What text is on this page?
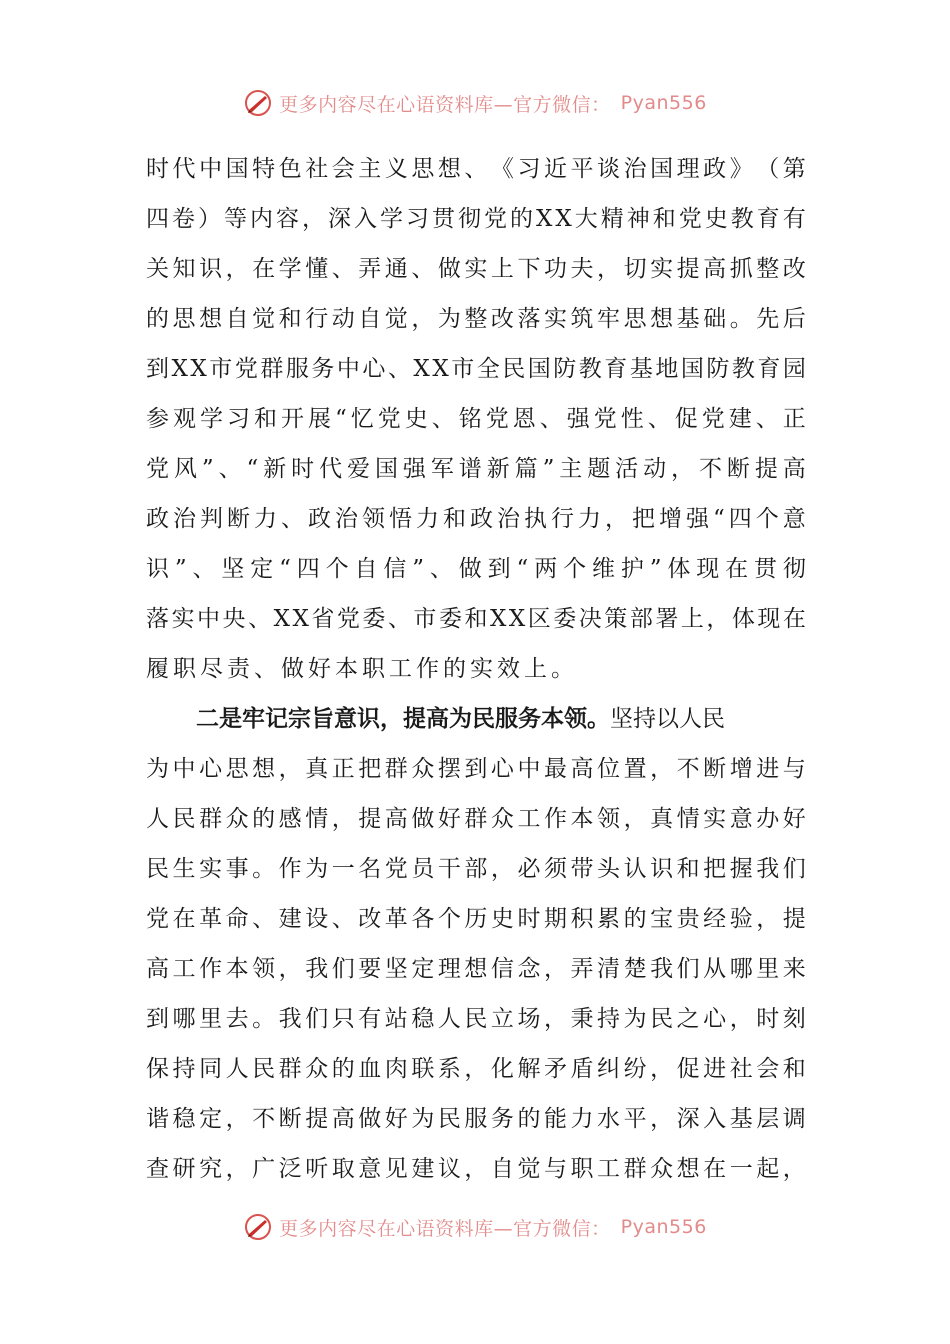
更多内容尽在心语资料库—官方微信： Pyan556
时 代 中 国 特 色 社 会 主 义 思 想 、 《 习 近 平 谈 治 国 理 政 》 （ 第
四 卷 ） 等 内 容 ， 深 入 学 习 贯 彻 党 的 X X 大 精 神 和 党 史 教 育 有
关 知 识 ， 在 学 懂 、 弄 通 、 做 实 上 下 功 夫 ， 切 实 提 高 抓 整 改
的 思 想 自 觉 和 行 动 自 觉 ， 为 整 改 落 实 筑 牢 思 想 基 础 。 先 后
到 X X 市 党 群 服 务 中 心 、 X X 市 全 民 国 防 教 育 基 地 国 防 教 育 园
参 观 学 习 和 开 展 “ 忆 党 史 、 铭 党 恩 、 强 党 性 、 促 党 建 、 正
党 风 ” 、 “ 新 时 代 爱 国 强 军 谱 新 篇 ” 主 题 活 动 ， 不 断 提 高
政 治 判 断 力 、 政 治 领 悟 力 和 政 治 执 行 力 ， 把 增 强 “ 四 个 意
识 ” 、 坚 定 “ 四 个 自 信 ” 、 做 到 “ 两 个 维 护 ” 体 现 在 贯 彻
落 实 中 央 、 X X 省 党 委 、 市 委 和 X X 区 委 决 策 部 署 上 ， 体 现 在
履职尽责、做好本职工作的实效上。
二是牢记宗旨意识，提高为民服务本领。坚持以人民
为 中 心 思 想 ， 真 正 把 群 众 摆 到 心 中 最 高 位 置 ， 不 断 增 进 与
人 民 群 众 的 感 情 ， 提 高 做 好 群 众 工 作 本 领 ， 真 情 实 意 办 好
民 生 实 事 。 作 为 一 名 党 员 干 部 ， 必 须 带 头 认 识 和 把 握 我 们
党 在 革 命 、 建 设 、 改 革 各 个 历 史 时 期 积 累 的 宝 贵 经 验 ， 提
高 工 作 本 领 ， 我 们 要 坚 定 理 想 信 念 ， 弄 清 楚 我 们 从 哪 里 来
到 哪 里 去 。 我 们 只 有 站 稳 人 民 立 场 ， 秉 持 为 民 之 心 ， 时 刻
保 持 同 人 民 群 众 的 血 肉 联 系 ， 化 解 矛 盾 纠 纷 ， 促 进 社 会 和
谐 稳 定 ， 不 断 提 高 做 好 为 民 服 务 的 能 力 水 平 ， 深 入 基 层 调
查 研 究 ， 广 泛 听 取 意 见 建 议 ， 自 觉 与 职 工 群 众 想 在 一 起 ，
更多内容尽在心语资料库—官方微信： Pyan556
